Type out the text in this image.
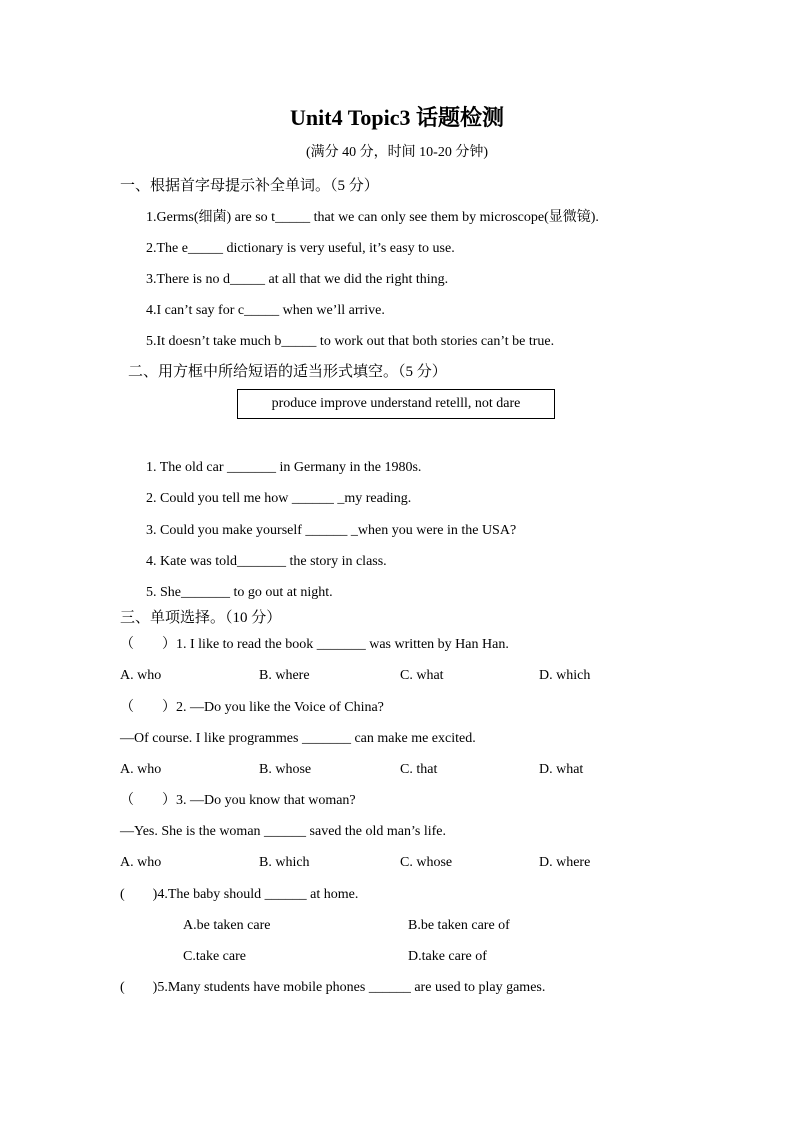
Unit4 Topic3 话题检测
(满分 40 分，时间 10-20 分钟)
一、根据首字母提示补全单词。（5 分）
1.Germs(细菌) are so t_____ that we can only see them by microscope(显微镜).
2.The e_____ dictionary is very useful, it’s easy to use.
3.There is no d_____ at all that we did the right thing.
4.I can’t say for c_____ when we’ll arrive.
5.It doesn’t take much b_____ to work out that both stories can’t be true.
二、用方框中所给短语的适当形式填空。（5 分）
produce improve understand retelll, not dare
1. The old car _______ in Germany in the 1980s.
2. Could you tell me how ______ _my reading.
3. Could you make yourself ______ _when you were in the USA?
4. Kate was told_______ the story in class.
5. She_______ to go out at night.
三、单项选择。（10 分）
（　　）1. I like to read the book _______ was written by Han Han.
A. who	B. where	C. what	D. which
（　　）2. —Do you like the Voice of China?
—Of course. I like programmes _______ can make me excited.
A. who	B. whose	C. that	D. what
（　　）3. —Do you know that woman?
—Yes. She is the woman ______ saved the old man’s life.
A. who	B. which	C. whose	D. where
(　　)4.The baby should ______ at home.
A.be taken care	B.be taken care of
C.take care	D.take care of
(　　)5.Many students have mobile phones ______ are used to play games.
